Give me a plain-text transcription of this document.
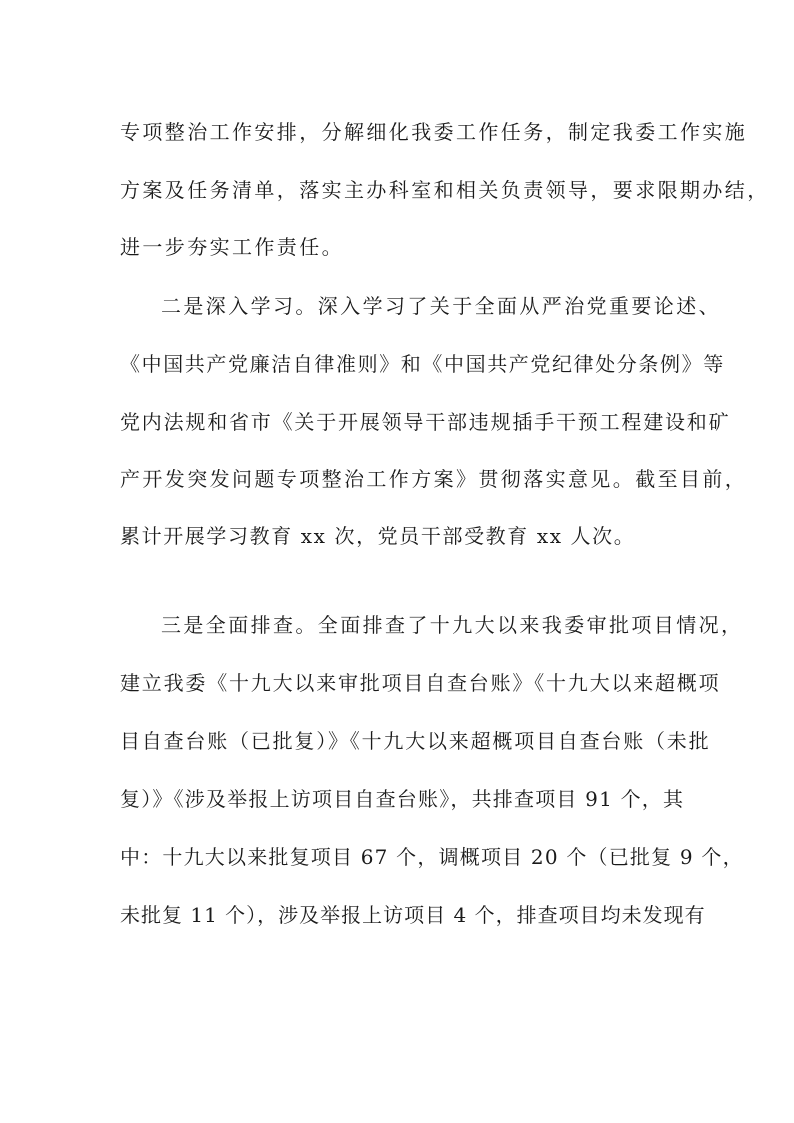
专项整治工作安排，分解细化我委工作任务，制定我委工作实施
方案及任务清单，落实主办科室和相关负责领导，要求限期办结，
进一步夯实工作责任。
二是深入学习。深入学习了关于全面从严治党重要论述、
《中国共产党廉洁自律准则》和《中国共产党纪律处分条例》等
党内法规和省市《关于开展领导干部违规插手干预工程建设和矿
产开发突发问题专项整治工作方案》贯彻落实意见。截至目前，
累计开展学习教育 xx 次，党员干部受教育 xx 人次。
三是全面排查。全面排查了十九大以来我委审批项目情况，
建立我委《十九大以来审批项目自查台账》《十九大以来超概项
目自查台账（已批复）》《十九大以来超概项目自查台账（未批
复）》《涉及举报上访项目自查台账》，共排查项目 91 个，其
中：十九大以来批复项目 67 个，调概项目 20 个（已批复 9 个，
未批复 11 个），涉及举报上访项目 4 个，排查项目均未发现有
